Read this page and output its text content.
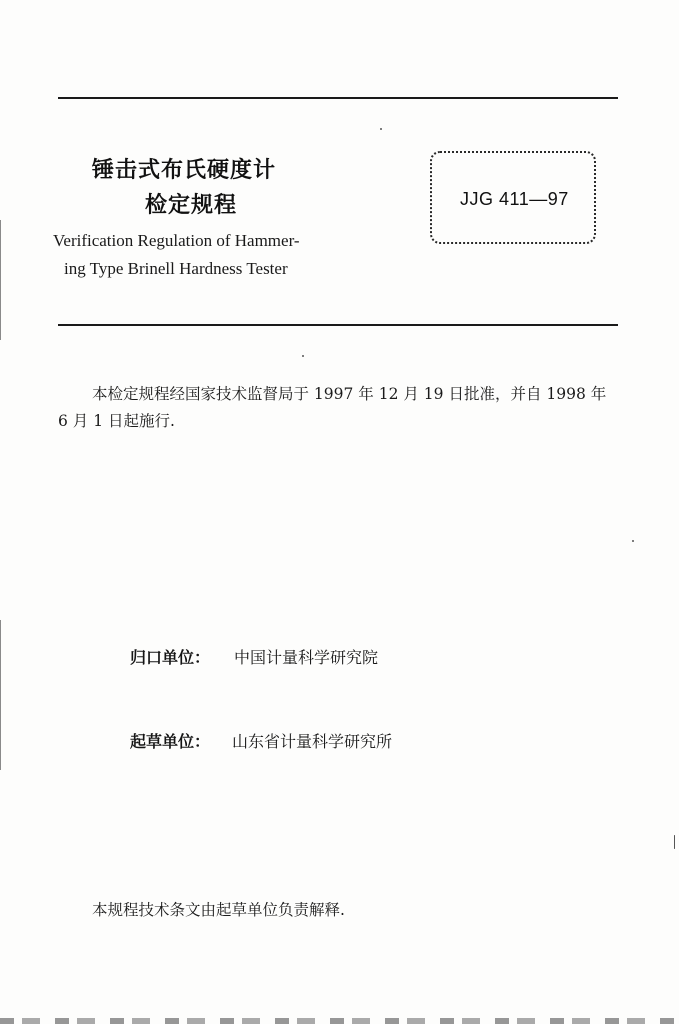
锤击式布氏硬度计
检定规程
Verification Regulation of Hammer-
ing Type Brinell Hardness Tester
JJG 411—97
本检定规程经国家技术监督局于 1997 年 12 月 19 日批准，并自 1998 年 6 月 1 日起施行.
归口单位： 中国计量科学研究院
起草单位： 山东省计量科学研究所
本规程技术条文由起草单位负责解释.
